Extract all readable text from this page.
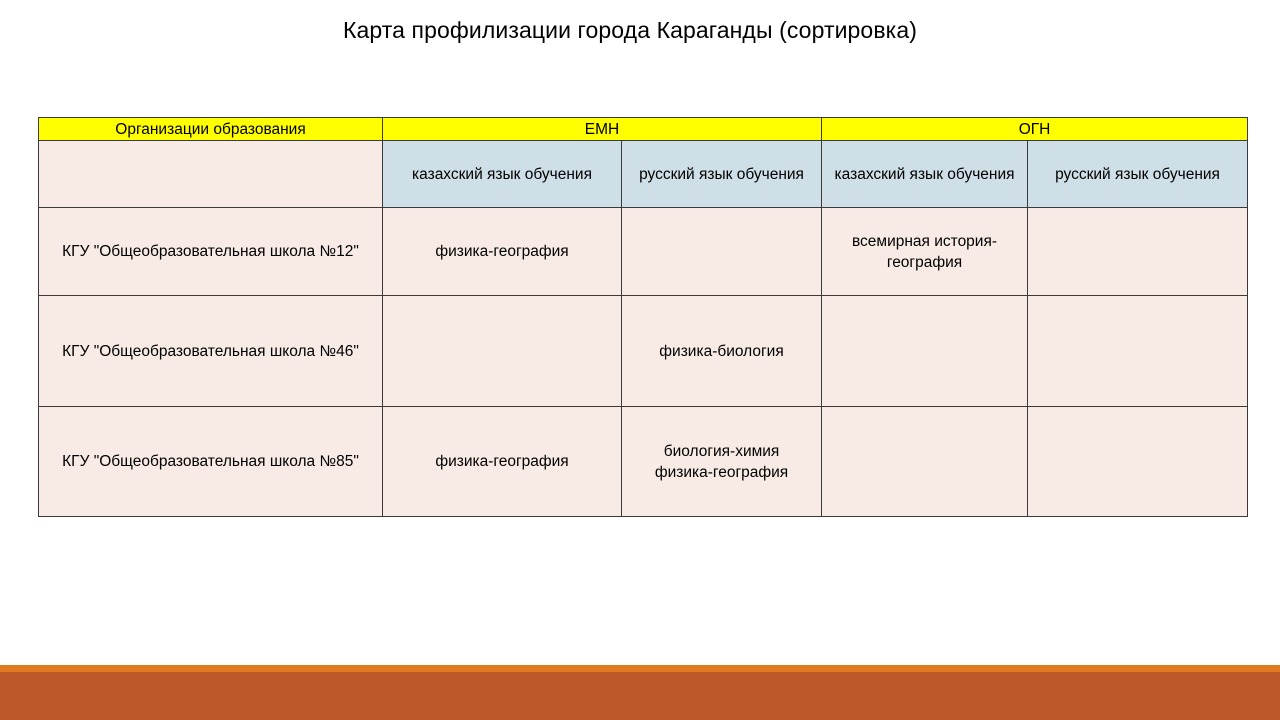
Карта профилизации города Караганды (сортировка)
Организации образования	ЕМН		ОГН	
	казахский язык обучения	русский язык обучения	казахский язык обучения	русский язык обучения
КГУ "Общеобразовательная школа №12"	физика-география		всемирная история-
география	

КГУ "Общеобразовательная школа №46"		физика-биология		

КГУ "Общеобразовательная школа №85"	физика-география	биология-химия
физика-география		
